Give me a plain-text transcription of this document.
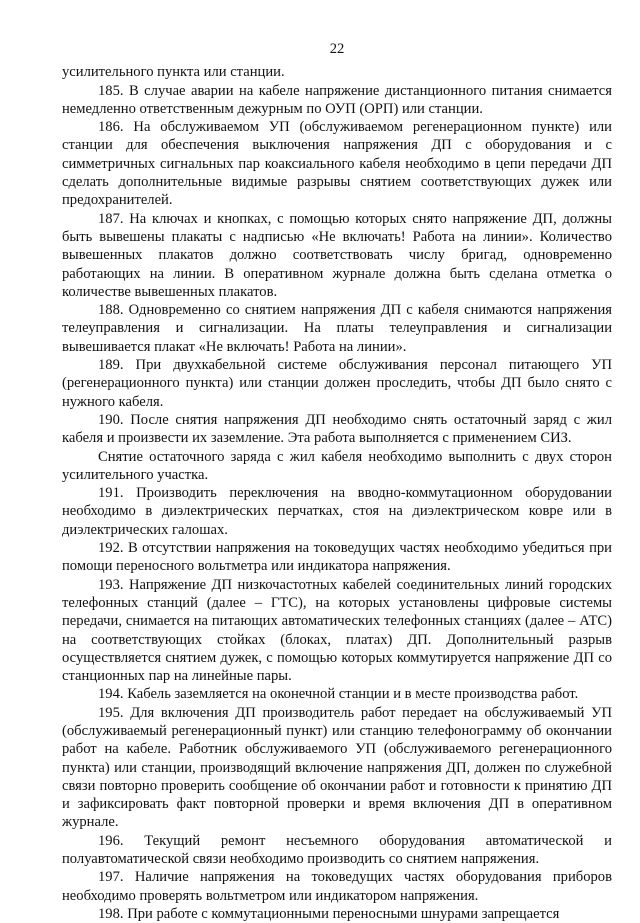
22

усилительного пункта или станции.

185. В случае аварии на кабеле напряжение дистанционного питания снимается немедленно ответственным дежурным по ОУП (ОРП) или станции.

186. На обслуживаемом УП (обслуживаемом регенерационном пункте) или станции для обеспечения выключения напряжения ДП с оборудования и с симметричных сигнальных пар коаксиального кабеля необходимо в цепи передачи ДП сделать дополнительные видимые разрывы снятием соответствующих дужек или предохранителей.

187. На ключах и кнопках, с помощью которых снято напряжение ДП, должны быть вывешены плакаты с надписью «Не включать! Работа на линии». Количество вывешенных плакатов должно соответствовать числу бригад, одновременно работающих на линии. В оперативном журнале должна быть сделана отметка о количестве вывешенных плакатов.

188. Одновременно со снятием напряжения ДП с кабеля снимаются напряжения телеуправления и сигнализации. На платы телеуправления и сигнализации вывешивается плакат «Не включать! Работа на линии».

189. При двухкабельной системе обслуживания персонал питающего УП (регенерационного пункта) или станции должен проследить, чтобы ДП было снято с нужного кабеля.

190. После снятия напряжения ДП необходимо снять остаточный заряд с жил кабеля и произвести их заземление. Эта работа выполняется с применением СИЗ.

Снятие остаточного заряда с жил кабеля необходимо выполнить с двух сторон усилительного участка.

191. Производить переключения на вводно-коммутационном оборудовании необходимо в диэлектрических перчатках, стоя на диэлектрическом ковре или в диэлектрических галошах.

192. В отсутствии напряжения на токоведущих частях необходимо убедиться при помощи переносного вольтметра или индикатора напряжения.

193. Напряжение ДП низкочастотных кабелей соединительных линий городских телефонных станций (далее – ГТС), на которых установлены цифровые системы передачи, снимается на питающих автоматических телефонных станциях (далее – АТС) на соответствующих стойках (блоках, платах) ДП. Дополнительный разрыв осуществляется снятием дужек, с помощью которых коммутируется напряжение ДП со станционных пар на линейные пары.

194. Кабель заземляется на оконечной станции и в месте производства работ.

195. Для включения ДП производитель работ передает на обслуживаемый УП (обслуживаемый регенерационный пункт) или станцию телефонограмму об окончании работ на кабеле. Работник обслуживаемого УП (обслуживаемого регенерационного пункта) или станции, производящий включение напряжения ДП, должен по служебной связи повторно проверить сообщение об окончании работ и готовности к принятию ДП и зафиксировать факт повторной проверки и время включения ДП в оперативном журнале.

196. Текущий ремонт несъемного оборудования автоматической и полуавтоматической связи необходимо производить со снятием напряжения.

197. Наличие напряжения на токоведущих частях оборудования приборов необходимо проверять вольтметром или индикатором напряжения.

198. При работе с коммутационными переносными шнурами запрещается
